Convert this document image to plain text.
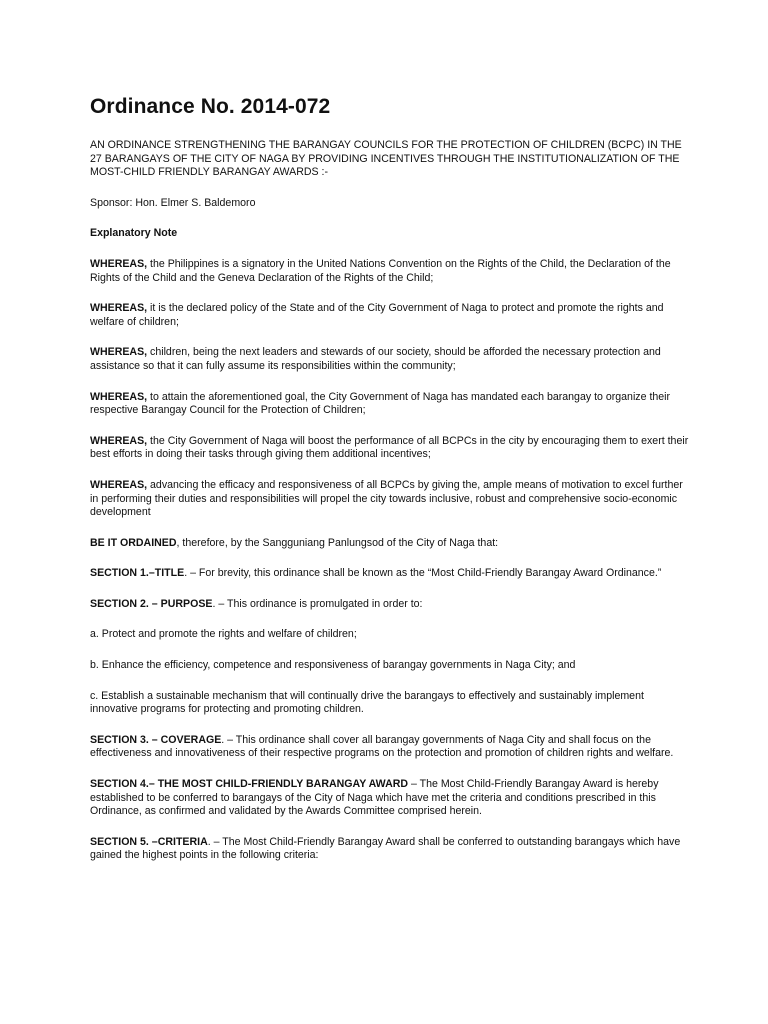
Ordinance No. 2014-072

AN ORDINANCE STRENGTHENING THE BARANGAY COUNCILS FOR THE PROTECTION OF CHILDREN (BCPC) IN THE 27 BARANGAYS OF THE CITY OF NAGA BY PROVIDING INCENTIVES THROUGH THE INSTITUTIONALIZATION OF THE MOST-CHILD FRIENDLY BARANGAY AWARDS :-

Sponsor: Hon. Elmer S. Baldemoro

Explanatory Note

WHEREAS, the Philippines is a signatory in the United Nations Convention on the Rights of the Child, the Declaration of the Rights of the Child and the Geneva Declaration of the Rights of the Child;

WHEREAS, it is the declared policy of the State and of the City Government of Naga to protect and promote the rights and welfare of children;

WHEREAS, children, being the next leaders and stewards of our society, should be afforded the necessary protection and assistance so that it can fully assume its responsibilities within the community;

WHEREAS, to attain the aforementioned goal, the City Government of Naga has mandated each barangay to organize their respective Barangay Council for the Protection of Children;

WHEREAS, the City Government of Naga will boost the performance of all BCPCs in the city by encouraging them to exert their best efforts in doing their tasks through giving them additional incentives;

WHEREAS, advancing the efficacy and responsiveness of all BCPCs by giving the, ample means of motivation to excel further in performing their duties and responsibilities will propel the city towards inclusive, robust and comprehensive socio-economic development

BE IT ORDAINED, therefore, by the Sangguniang Panlungsod of the City of Naga that:

SECTION 1.–TITLE. – For brevity, this ordinance shall be known as the “Most Child-Friendly Barangay Award Ordinance.”

SECTION 2. – PURPOSE. – This ordinance is promulgated in order to:

a. Protect and promote the rights and welfare of children;

b. Enhance the efficiency, competence and responsiveness of barangay governments in Naga City; and

c. Establish a sustainable mechanism that will continually drive the barangays to effectively and sustainably implement innovative programs for protecting and promoting children.

SECTION 3. – COVERAGE. – This ordinance shall cover all barangay governments of Naga City and shall focus on the effectiveness and innovativeness of their respective programs on the protection and promotion of children rights and welfare.

SECTION 4.– THE MOST CHILD-FRIENDLY BARANGAY AWARD – The Most Child-Friendly Barangay Award is hereby established to be conferred to barangays of the City of Naga which have met the criteria and conditions prescribed in this Ordinance, as confirmed and validated by the Awards Committee comprised herein.

SECTION 5. –CRITERIA. – The Most Child-Friendly Barangay Award shall be conferred to outstanding barangays which have gained the highest points in the following criteria:
